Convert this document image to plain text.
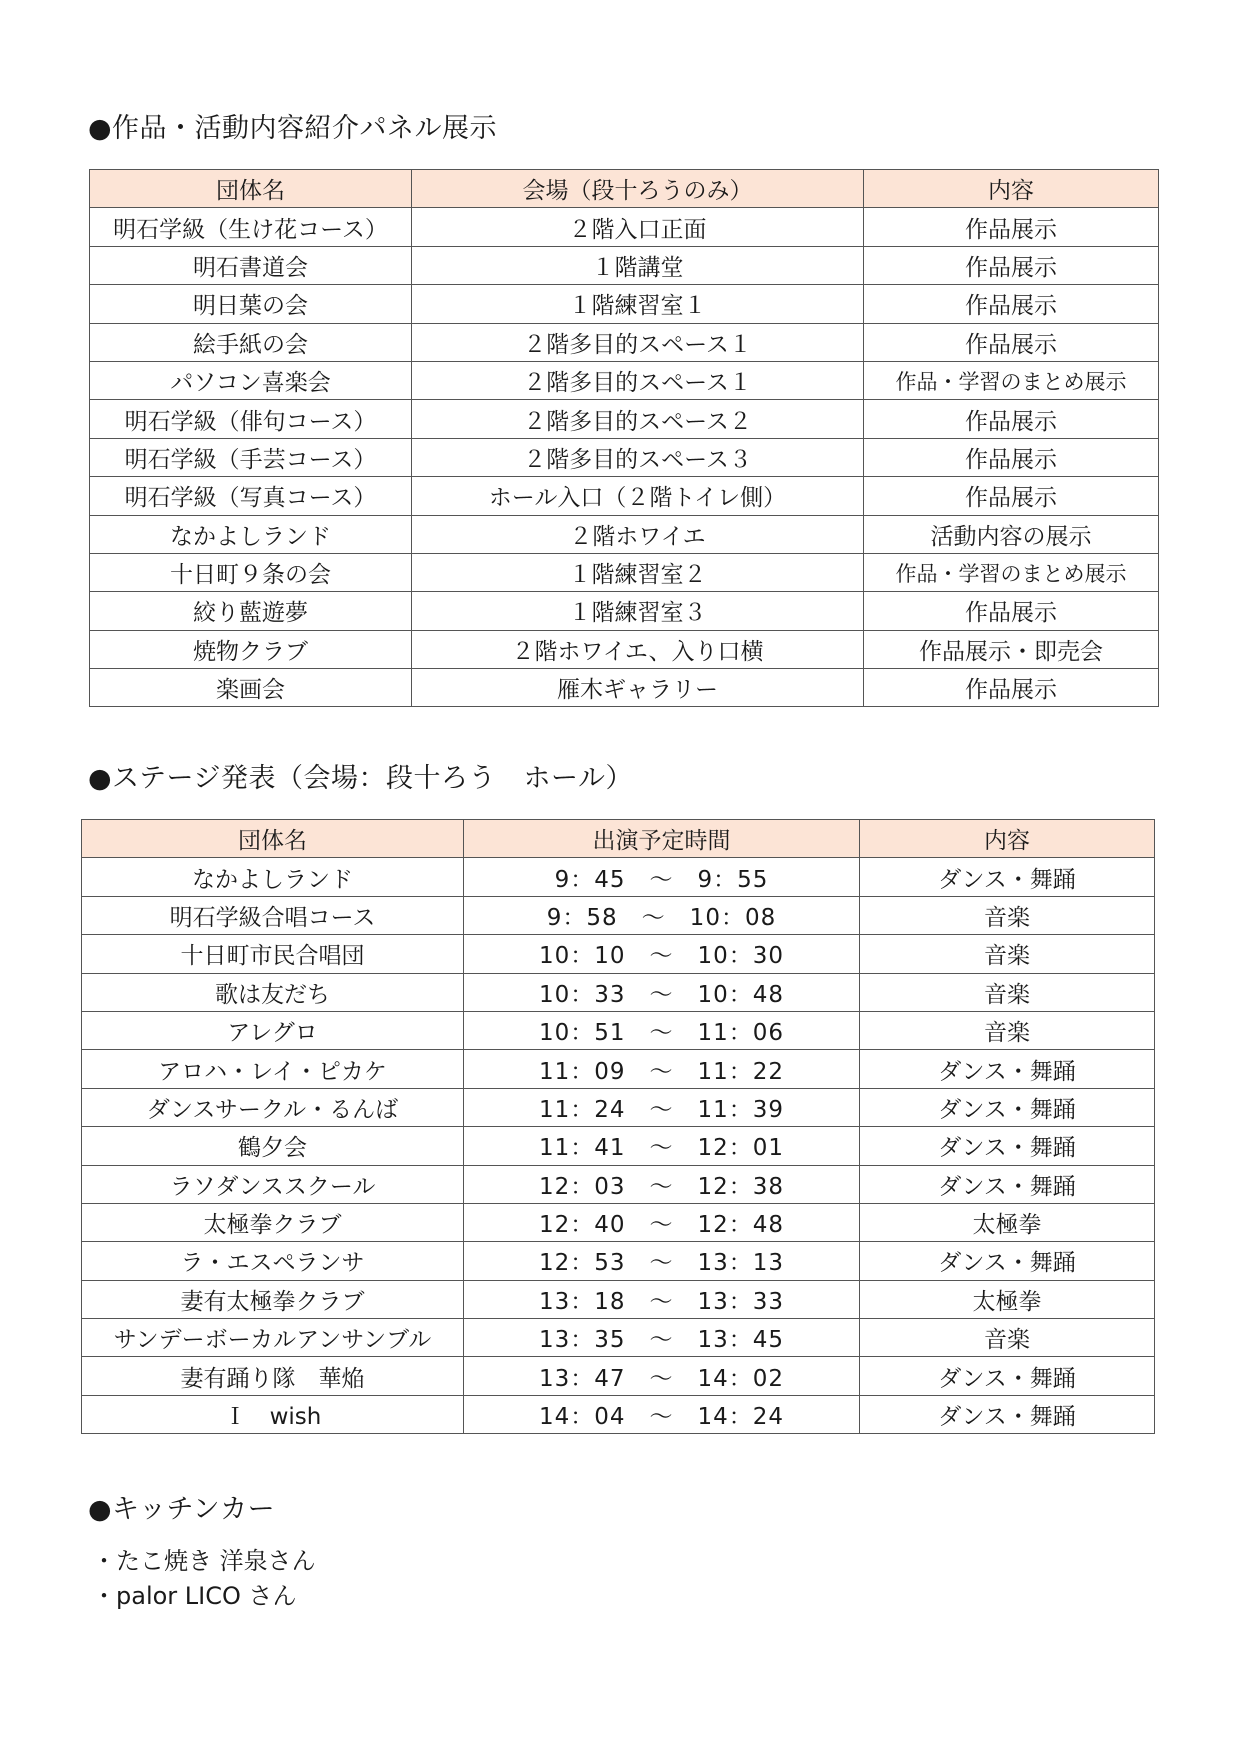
●作品・活動内容紹介パネル展示
団体名	会場（段十ろうのみ）	内容
明石学級（生け花コース）	２階入口正面	作品展示
明石書道会	１階講堂	作品展示
明日葉の会	１階練習室１	作品展示
絵手紙の会	２階多目的スペース１	作品展示
パソコン喜楽会	２階多目的スペース１	作品・学習のまとめ展示
明石学級（俳句コース）	２階多目的スペース２	作品展示
明石学級（手芸コース）	２階多目的スペース３	作品展示
明石学級（写真コース）	ホール入口（２階トイレ側）	作品展示
なかよしランド	２階ホワイエ	活動内容の展示
十日町９条の会	１階練習室２	作品・学習のまとめ展示
絞り藍遊夢	１階練習室３	作品展示
焼物クラブ	２階ホワイエ、入り口横	作品展示・即売会
楽画会	雁木ギャラリー	作品展示
●ステージ発表（会場：段十ろう　ホール）
団体名	出演予定時間	内容
なかよしランド	9：45　～　9：55	ダンス・舞踊
明石学級合唱コース	9：58　～　10：08	音楽
十日町市民合唱団	10：10　～　10：30	音楽
歌は友だち	10：33　～　10：48	音楽
アレグロ	10：51　～　11：06	音楽
アロハ・レイ・ピカケ	11：09　～　11：22	ダンス・舞踊
ダンスサークル・るんば	11：24　～　11：39	ダンス・舞踊
鶴夕会	11：41　～　12：01	ダンス・舞踊
ラソダンススクール	12：03　～　12：38	ダンス・舞踊
太極拳クラブ	12：40　～　12：48	太極拳
ラ・エスペランサ	12：53　～　13：13	ダンス・舞踊
妻有太極拳クラブ	13：18　～　13：33	太極拳
サンデーボーカルアンサンブル	13：35　～　13：45	音楽
妻有踊り隊　華焔	13：47　～　14：02	ダンス・舞踊
Ｉ　wish	14：04　～　14：24	ダンス・舞踊
●キッチンカー
・たこ焼き 洋泉さん
・palor LICO さん
